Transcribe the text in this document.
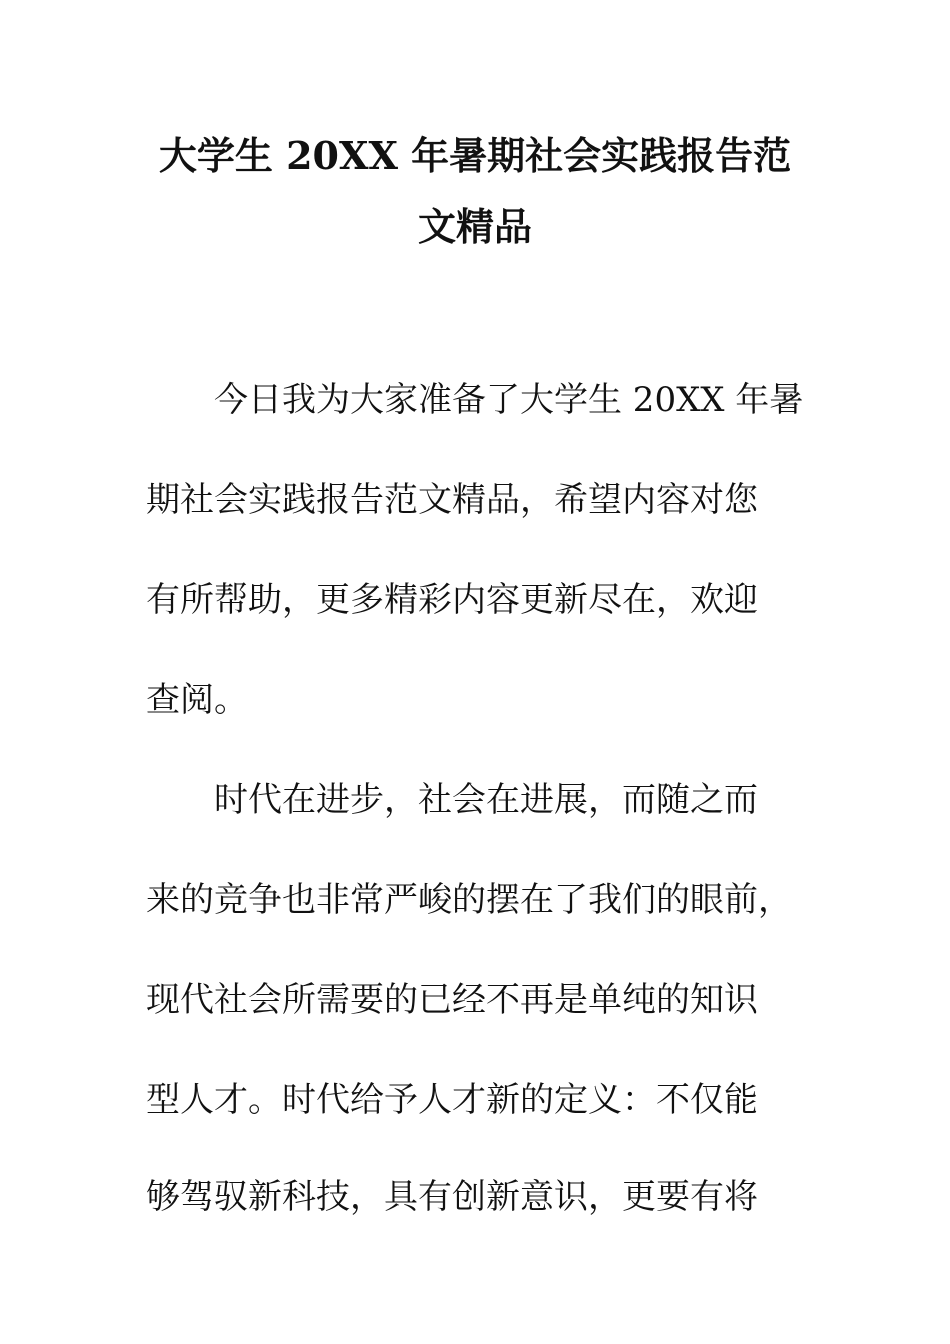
大学生 20XX 年暑期社会实践报告范
文精品
今日我为大家准备了大学生 20XX 年暑
期社会实践报告范文精品，希望内容对您
有所帮助，更多精彩内容更新尽在，欢迎
查阅。
时代在进步，社会在进展，而随之而
来的竞争也非常严峻的摆在了我们的眼前，
现代社会所需要的已经不再是单纯的知识
型人才。时代给予人才新的定义：不仅能
够驾驭新科技，具有创新意识，更要有将
